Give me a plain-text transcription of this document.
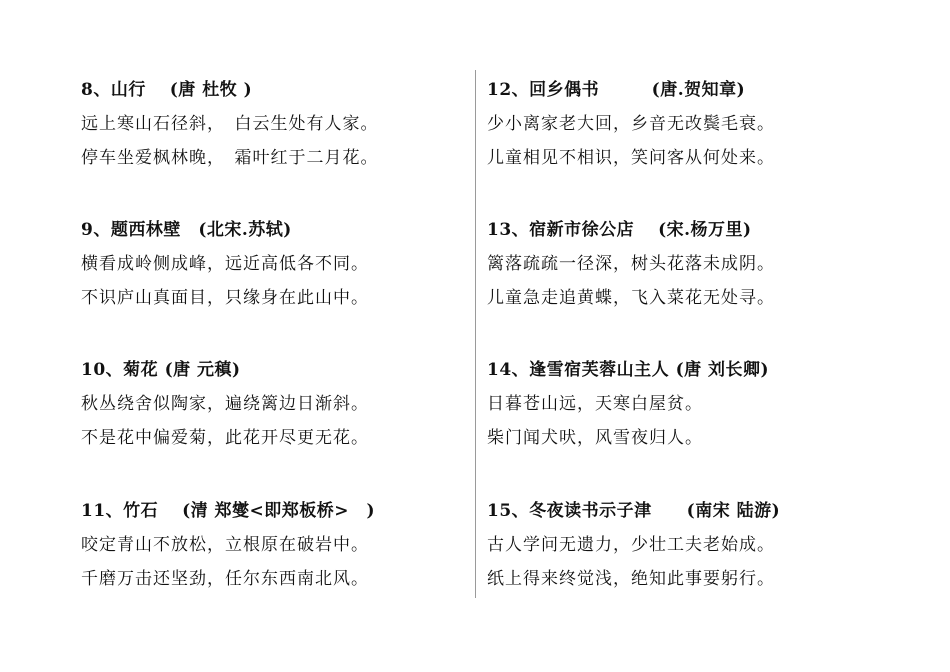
8、山行　 (唐 杜牧 )
远上寒山石径斜，　白云生处有人家。
停车坐爱枫林晚，　霜叶红于二月花。
9、题西林壁　(北宋.苏轼)
横看成岭侧成峰，远近高低各不同。
不识庐山真面目，只缘身在此山中。
10、菊花 (唐 元稹)
秋丛绕舍似陶家，遍绕篱边日渐斜。
不是花中偏爱菊，此花开尽更无花。
11、竹石　 (清 郑燮<即郑板桥>　)
咬定青山不放松，立根原在破岩中。
千磨万击还坚劲，任尔东西南北风。
12、回乡偶书　　　(唐.贺知章)
少小离家老大回，乡音无改鬓毛衰。
儿童相见不相识，笑问客从何处来。
13、宿新市徐公店　 (宋.杨万里)
篱落疏疏一径深，树头花落未成阴。
儿童急走追黄蝶，飞入菜花无处寻。
14、逢雪宿芙蓉山主人 (唐 刘长卿)
日暮苍山远，天寒白屋贫。
柴门闻犬吠，风雪夜归人。
15、冬夜读书示子津　　(南宋 陆游)
古人学问无遗力，少壮工夫老始成。
纸上得来终觉浅，绝知此事要躬行。
